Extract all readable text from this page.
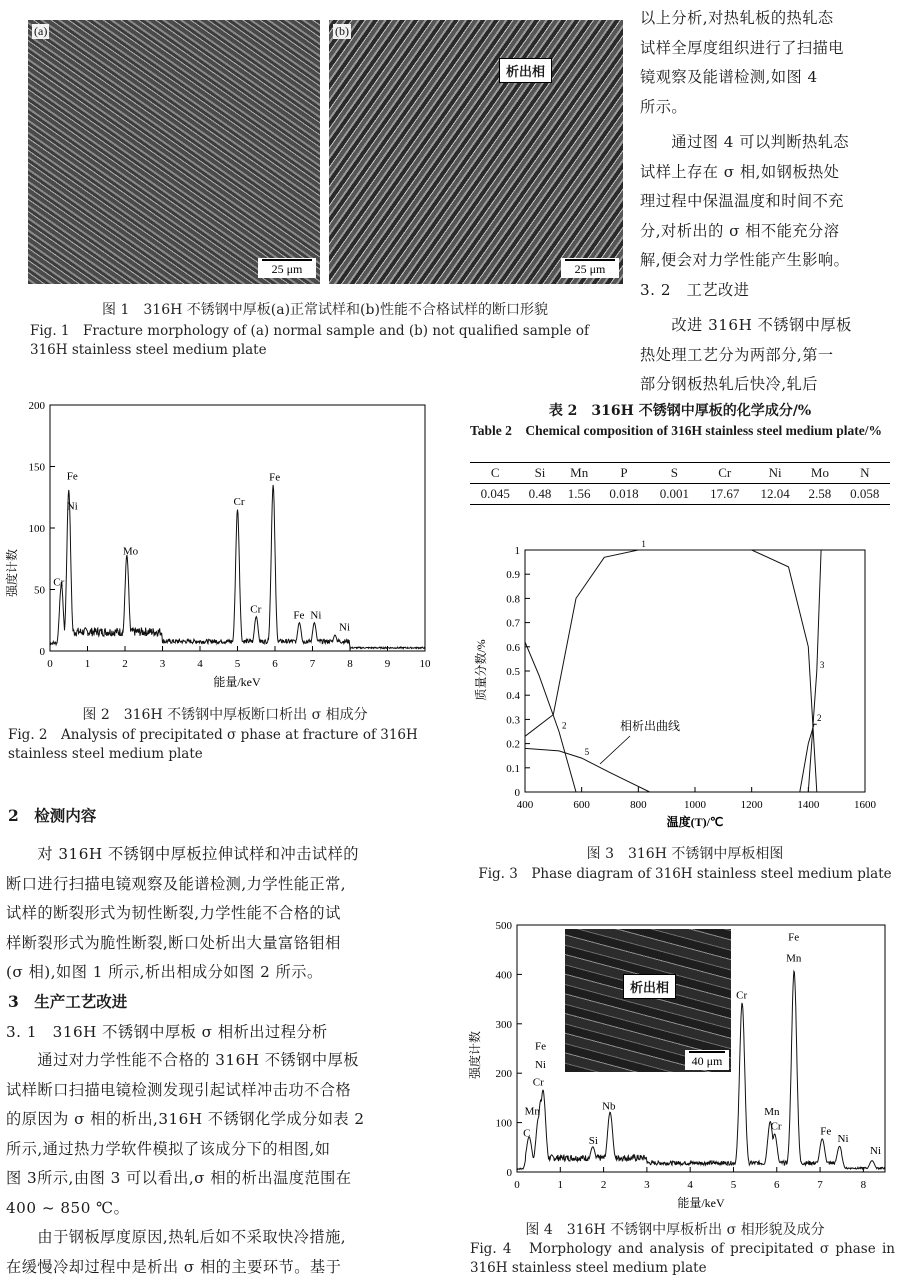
(a)
25 μm
(b)
析出相
25 μm
图 1　316H 不锈钢中厚板(a)正常试样和(b)性能不合格试样的断口形貌
Fig. 1　Fracture morphology of (a) normal sample and (b) not qualified sample of 316H stainless steel medium plate
以上分析,对热轧板的热轧态
试样全厚度组织进行了扫描电
镜观察及能谱检测,如图 4
所示。
　　通过图 4 可以判断热轧态
试样上存在 σ 相,如钢板热处
理过程中保温温度和时间不充
分,对析出的 σ 相不能充分溶
解,便会对力学性能产生影响。
3. 2　工艺改进
　　改进 316H 不锈钢中厚板
热处理工艺分为两部分,第一
部分钢板热轧后快冷,轧后
强度计数
0	1	2	3	4	5	6	7	8	9	10
0
50
100
150
200
Cr
Fe
Ni
Mo
Cr
Fe
Cr
Fe Ni
Ni
能量/keV
图 2　316H 不锈钢中厚板断口析出 σ 相成分
Fig. 2　Analysis of precipitated σ phase at fracture of 316H stainless steel medium plate
表 2　316H 不锈钢中厚板的化学成分/%
Table 2　Chemical composition of 316H stainless steel medium plate/%
C	Si	Mn	P	S	Cr	Ni	Mo	N
0.045	0.48	1.56	0.018	0.001	17.67	12.04	2.58	0.058
质量分数/%
400	600	800	1000	1200	1400	1600
0
0.1
0.2
0.3
0.4
0.5
0.6
0.7
0.8
0.9
1
1
2
2
3
5
相析出曲线
温度(T)/℃
图 3　316H 不锈钢中厚板相图
Fig. 3　Phase diagram of 316H stainless steel medium plate
强度计数
0	1	2	3	4	5	6	7	8
0
100
200
300
400
500
C
Mn
Cr
Fe
Ni
Si
Nb
Cr
Mn
Cr
Fe
Mn
Fe
Ni
Ni
能量/keV
析出相
40 μm
图 4　316H 不锈钢中厚板析出 σ 相形貌及成分
Fig. 4　Morphology and analysis of precipitated σ phase in 316H stainless steel medium plate
2　检测内容
　　对 316H 不锈钢中厚板拉伸试样和冲击试样的
断口进行扫描电镜观察及能谱检测,力学性能正常,
试样的断裂形式为韧性断裂,力学性能不合格的试
样断裂形式为脆性断裂,断口处析出大量富铬钼相
(σ 相),如图 1 所示,析出相成分如图 2 所示。
3　生产工艺改进
3. 1　316H 不锈钢中厚板 σ 相析出过程分析
　　通过对力学性能不合格的 316H 不锈钢中厚板
试样断口扫描电镜检测发现引起试样冲击功不合格
的原因为 σ 相的析出,316H 不锈钢化学成分如表 2
所示,通过热力学软件模拟了该成分下的相图,如
图 3所示,由图 3 可以看出,σ 相的析出温度范围在
400 ~ 850 ℃。
　　由于钢板厚度原因,热轧后如不采取快冷措施,
在缓慢冷却过程中是析出 σ 相的主要环节。基于
